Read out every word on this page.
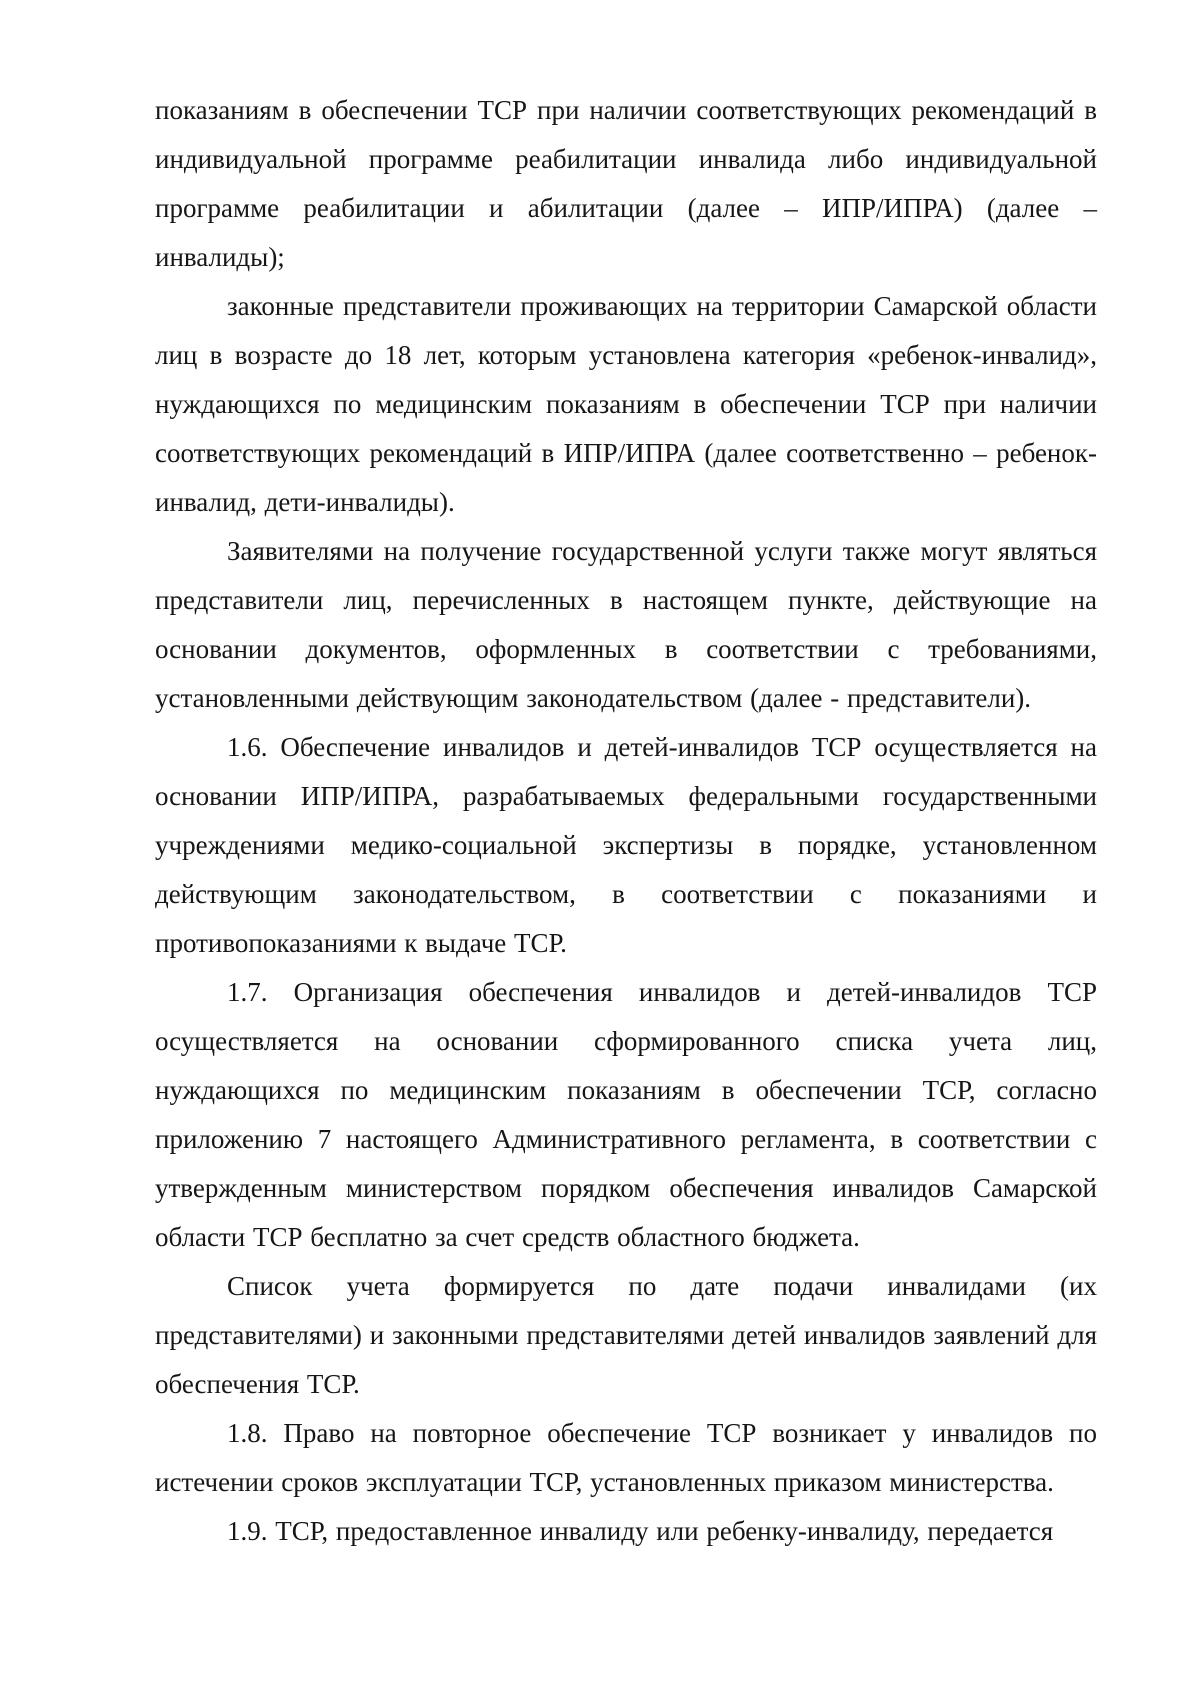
показаниям в обеспечении ТСР при наличии соответствующих рекомендаций в индивидуальной программе реабилитации инвалида либо индивидуальной программе реабилитации и абилитации (далее – ИПР/ИПРА) (далее – инвалиды);

законные представители проживающих на территории Самарской области лиц в возрасте до 18 лет, которым установлена категория «ребенок-инвалид», нуждающихся по медицинским показаниям в обеспечении ТСР при наличии соответствующих рекомендаций в ИПР/ИПРА (далее соответственно – ребенок-инвалид, дети-инвалиды).

Заявителями на получение государственной услуги также могут являться представители лиц, перечисленных в настоящем пункте, действующие на основании документов, оформленных в соответствии с требованиями, установленными действующим законодательством (далее - представители).

1.6. Обеспечение инвалидов и детей-инвалидов ТСР осуществляется на основании ИПР/ИПРА, разрабатываемых федеральными государственными учреждениями медико-социальной экспертизы в порядке, установленном действующим законодательством, в соответствии с показаниями и противопоказаниями к выдаче ТСР.

1.7. Организация обеспечения инвалидов и детей-инвалидов ТСР осуществляется на основании сформированного списка учета лиц, нуждающихся по медицинским показаниям в обеспечении ТСР, согласно приложению 7 настоящего Административного регламента, в соответствии с утвержденным министерством порядком обеспечения инвалидов Самарской области ТСР бесплатно за счет средств областного бюджета.

Список учета формируется по дате подачи инвалидами (их представителями) и законными представителями детей инвалидов заявлений для обеспечения ТСР.

1.8. Право на повторное обеспечение ТСР возникает у инвалидов по истечении сроков эксплуатации ТСР, установленных приказом министерства.

1.9. ТСР, предоставленное инвалиду или ребенку-инвалиду, передается
